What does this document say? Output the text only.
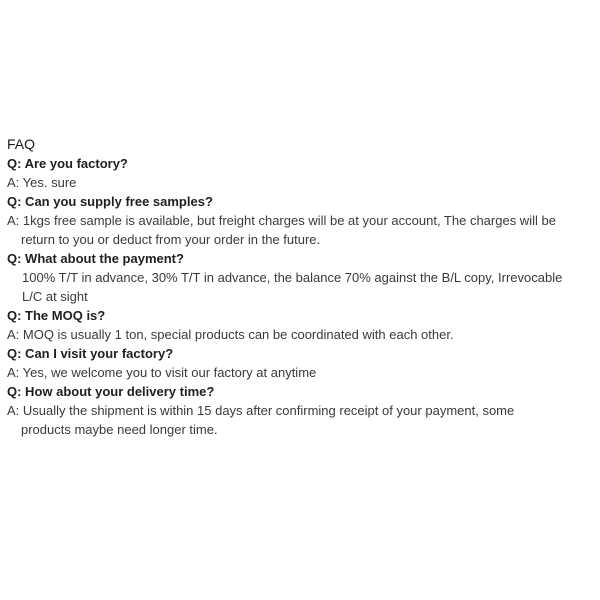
FAQ
Q: Are you factory?
A: Yes. sure
Q: Can you supply free samples?
A: 1kgs free sample is available, but freight charges will be at your account, The charges will be
return to you or deduct from your order in the future.
Q: What about the payment?
100% T/T in advance, 30% T/T in advance, the balance 70% against the B/L copy, Irrevocable
L/C at sight
Q: The MOQ is?
A: MOQ is usually 1 ton, special products can be coordinated with each other.
Q: Can I visit your factory?
A: Yes, we welcome you to visit our factory at anytime
Q: How about your delivery time?
A: Usually the shipment is within 15 days after confirming receipt of your payment, some
products maybe need longer time.
